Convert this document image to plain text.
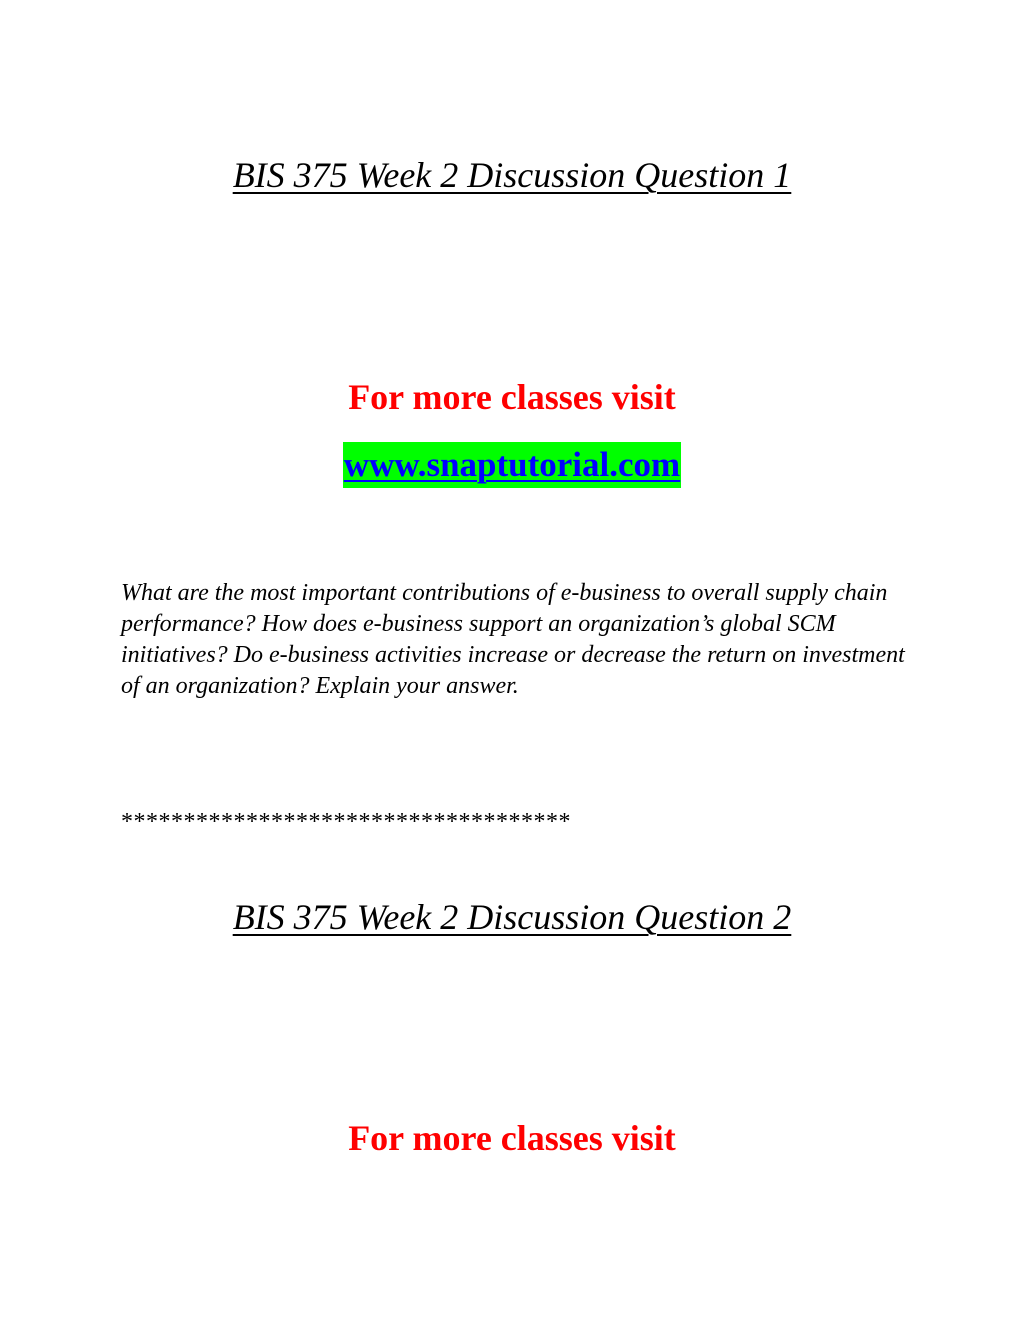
BIS 375 Week 2 Discussion Question 1

For more classes visit

www.snaptutorial.com

What are the most important contributions of e-business to overall supply chain performance? How does e-business support an organization’s global SCM initiatives? Do e-business activities increase or decrease the return on investment of an organization? Explain your answer.

************************************

BIS 375 Week 2 Discussion Question 2

For more classes visit
